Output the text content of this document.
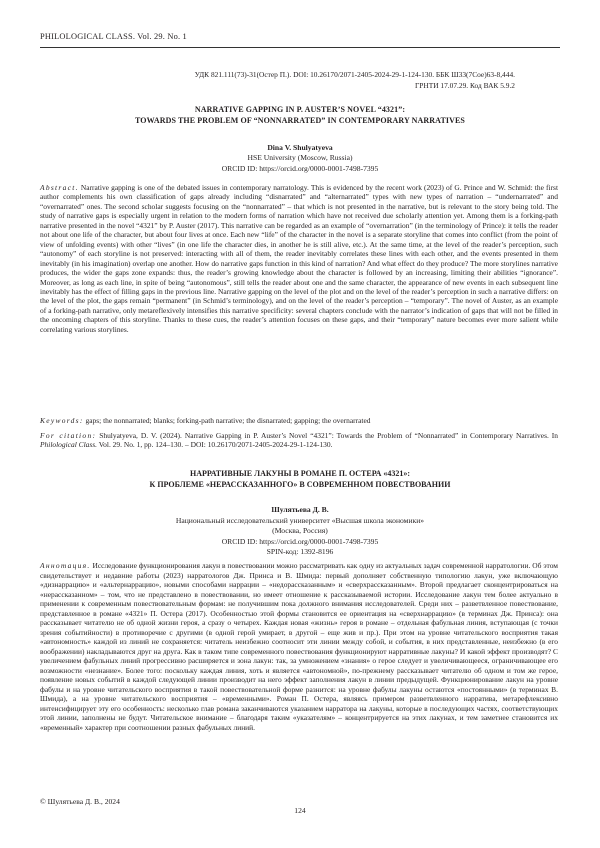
PHILOLOGICAL CLASS. Vol. 29. No. 1
УДК 821.111(73)-31(Остер П.). DOI: 10.26170/2071-2405-2024-29-1-124-130. ББК Ш33(7Сое)63-8,444.
ГРНТИ 17.07.29. Код ВАК 5.9.2
NARRATIVE GAPPING IN P. AUSTER’S NOVEL “4321”:
TOWARDS THE PROBLEM OF “NONNARRATED” IN CONTEMPORARY NARRATIVES
Dina V. Shulyatyeva
HSE University (Moscow, Russia)
ORCID ID: https://orcid.org/0000-0001-7498-7395
Abstract. Narrative gapping is one of the debated issues in contemporary narratology. This is evidenced by the recent work (2023) of G. Prince and W. Schmid: the first author complements his own classification of gaps already including “disnarrated” and “alternarrated” types with new types of narration – “undernarrated” and “overnarrated” ones. The second scholar suggests focusing on the “nonnarrated” – that which is not presented in the narrative, but is relevant to the story being told. The study of narrative gaps is especially urgent in relation to the modern forms of narration which have not received due scholarly attention yet. Among them is a forking-path narrative presented in the novel “4321” by P. Auster (2017). This narrative can be regarded as an example of “overnarration” (in the terminology of Prince): it tells the reader not about one life of the character, but about four lives at once. Each new “life” of the character in the novel is a separate storyline that comes into conflict (from the point of view of unfolding events) with other “lives” (in one life the character dies, in another he is still alive, etc.). At the same time, at the level of the reader’s perception, such “autonomy” of each storyline is not preserved: interacting with all of them, the reader inevitably correlates these lines with each other, and the events presented in them inevitably (in his imagination) overlap one another. How do narrative gaps function in this kind of narration? And what effect do they produce? The more storylines narrative produces, the wider the gaps zone expands: thus, the reader’s growing knowledge about the character is followed by an increasing, limiting their abilities “ignorance”. Moreover, as long as each line, in spite of being “autonomous”, still tells the reader about one and the same character, the appearance of new events in each subsequent line inevitably has the effect of filling gaps in the previous line. Narrative gapping on the level of the plot and on the level of the reader’s perception in such a narrative differs: on the level of the plot, the gaps remain “permanent” (in Schmid’s terminology), and on the level of the reader’s perception – “temporary”. The novel of Auster, as an example of a forking-path narrative, only metareflexively intensifies this narrative specificity: several chapters conclude with the narrator’s indication of gaps that will not be filled in the oncoming chapters of this storyline. Thanks to these cues, the reader’s attention focuses on these gaps, and their “temporary” nature becomes ever more salient while correlating various storylines.
Keywords: gaps; the nonnarrated; blanks; forking-path narrative; the disnarrated; gapping; the overnarrated
For citation: Shulyatyeva, D. V. (2024). Narrative Gapping in P. Auster’s Novel “4321”: Towards the Problem of “Nonnarrated” in Contemporary Narratives. In Philological Class. Vol. 29. No. 1, pp. 124–130. – DOI: 10.26170/2071-2405-2024-29-1-124-130.
НАРРАТИВНЫЕ ЛАКУНЫ В РОМАНЕ П. ОСТЕРА «4321»:
К ПРОБЛЕМЕ «НЕРАССКАЗАННОГО» В СОВРЕМЕННОМ ПОВЕСТВОВАНИИ
Шулятьева Д. В.
Национальный исследовательский университет «Высшая школа экономики»
(Москва, Россия)
ORCID ID: https://orcid.org/0000-0001-7498-7395
SPIN-код: 1392-8196
Аннотация. Исследование функционирования лакун в повествовании можно рассматривать как одну из актуальных задач современной нарратологии. Об этом свидетельствует и недавние работы (2023) нарратологов Дж. Принса и В. Шмида: первый дополняет собственную типологию лакун, уже включающую «дизнаррацию» и «альтернаррацию», новыми способами наррации – «недорассказанным» и «сверхрассказанным». Второй предлагает сконцентрироваться на «нерассказанном» – том, что не представлено в повествовании, но имеет отношение к рассказываемой истории. Исследование лакун тем более актуально в применении к современным повествовательным формам: не получившим пока должного внимания исследователей. Среди них – разветвленное повествование, представленное в романе «4321» П. Остера (2017). Особенностью этой формы становится ее ориентация на «сверхнаррацию» (в терминах Дж. Принса): она рассказывает читателю не об одной жизни героя, а сразу о четырех. Каждая новая «жизнь» героя в романе – отдельная фабульная линия, вступающая (с точки зрения событийности) в противоречие с другими (в одной герой умирает, в другой – еще жив и пр.). При этом на уровне читательского восприятия такая «автономность» каждой из линий не сохраняется: читатель неизбежно соотносит эти линии между собой, и события, в них представленные, неизбежно (в его воображении) накладываются друг на друга. Как в таком типе современного повествования функционируют нарративные лакуны? И какой эффект производят? С увеличением фабульных линий прогрессивно расширяется и зона лакун: так, за умножением «знания» о герое следует и увеличивающееся, ограничивающее его возможности «незнание». Более того: поскольку каждая линия, хоть и является «автономной», по-прежнему рассказывает читателю об одном и том же герое, появление новых событий в каждой следующей линии производит на него эффект заполнения лакун в линии предыдущей. Функционирование лакун на уровне фабулы и на уровне читательского восприятия в такой повествовательной форме разнится: на уровне фабулы лакуны остаются «постоянными» (в терминах В. Шмида), а на уровне читательского восприятия – «временными». Роман П. Остера, являясь примером разветвленного нарратива, метарефлексивно интенсифицирует эту его особенность: несколько глав романа заканчиваются указанием нарратора на лакуны, которые в последующих частях, соответствующих этой линии, заполнены не будут. Читательское внимание – благодаря таким «указателям» – концентрируется на этих лакунах, и тем заметнее становится их «временный» характер при соотношении разных фабульных линий.
© Шулятьева Д. В., 2024
124
